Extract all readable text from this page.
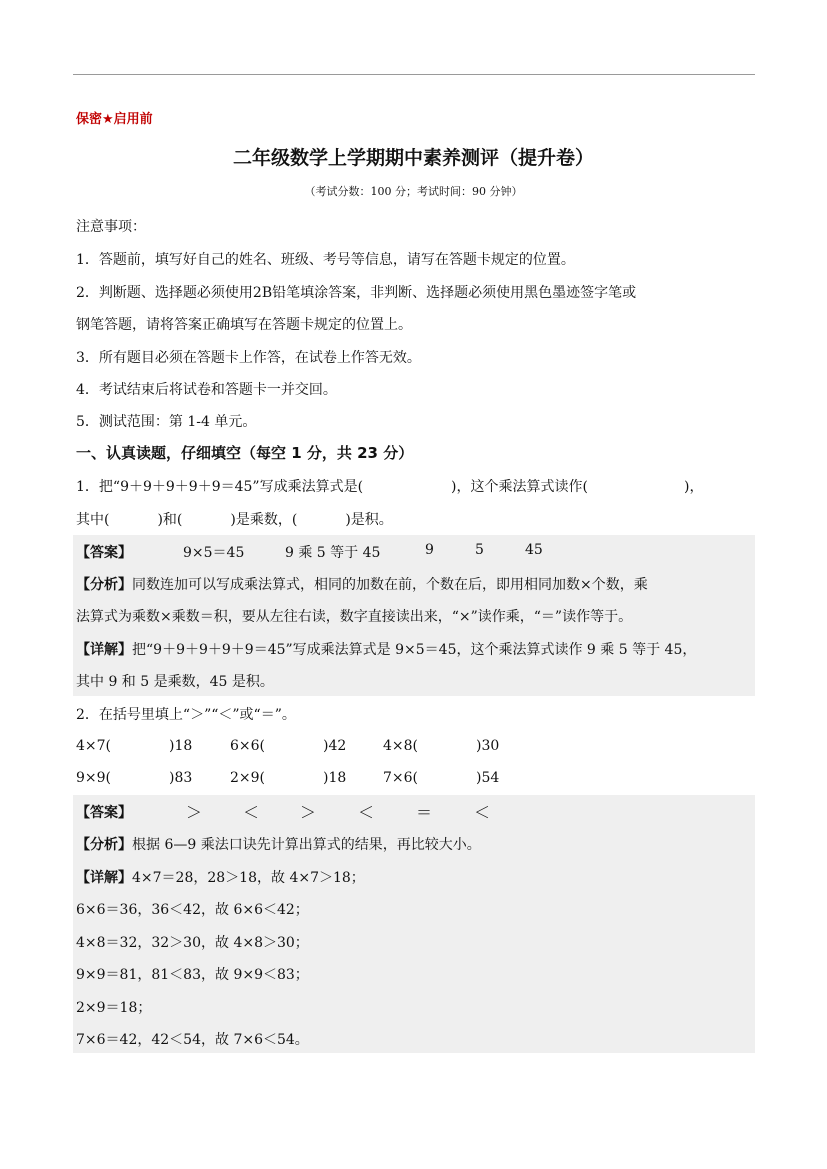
保密★启用前
二年级数学上学期期中素养测评（提升卷）
（考试分数：100 分；考试时间：90 分钟）
注意事项：
1．答题前，填写好自己的姓名、班级、考号等信息，请写在答题卡规定的位置。
2．判断题、选择题必须使用2B铅笔填涂答案，非判断、选择题必须使用黑色墨迹签字笔或
钢笔答题，请将答案正确填写在答题卡规定的位置上。
3．所有题目必须在答题卡上作答，在试卷上作答无效。
4．考试结束后将试卷和答题卡一并交回。
5．测试范围：第 1-4 单元。
一、认真读题，仔细填空（每空 1 分，共 23 分）
1．把“9＋9＋9＋9＋9＝45”写成乘法算式是(	)，这个乘法算式读作(	)，
其中(	)和(	)是乘数，(	)是积。
【答案】	9×5＝45	9 乘 5 等于 45	9	5	45
【分析】同数连加可以写成乘法算式，相同的加数在前，个数在后，即用相同加数×个数，乘
法算式为乘数×乘数＝积，要从左往右读，数字直接读出来，“×”读作乘，“＝”读作等于。
【详解】把“9＋9＋9＋9＋9＝45”写成乘法算式是 9×5＝45，这个乘法算式读作 9 乘 5 等于 45，
其中 9 和 5 是乘数，45 是积。
2．在括号里填上“＞”“＜”或“＝”。
4×7(	)18	6×6(	)42	4×8(	)30
9×9(	)83	2×9(	)18	7×6(	)54
【答案】	＞	＜	＞	＜	＝	＜
【分析】根据 6—9 乘法口诀先计算出算式的结果，再比较大小。
【详解】4×7＝28，28＞18，故 4×7＞18；
6×6＝36，36＜42，故 6×6＜42；
4×8＝32，32＞30，故 4×8＞30；
9×9＝81，81＜83，故 9×9＜83；
2×9＝18；
7×6＝42，42＜54，故 7×6＜54。
